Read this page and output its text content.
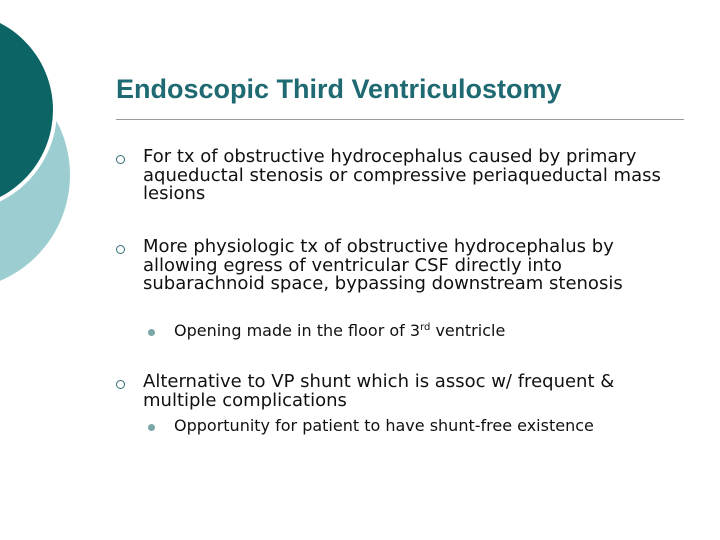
Endoscopic Third Ventriculostomy
For tx of obstructive hydrocephalus caused by primary aqueductal stenosis or compressive periaqueductal mass lesions
More physiologic tx of obstructive hydrocephalus by allowing egress of ventricular CSF directly into subarachnoid space, bypassing downstream stenosis
Opening made in the floor of 3rd ventricle
Alternative to VP shunt which is assoc w/ frequent & multiple complications
Opportunity for patient to have shunt-free existence
